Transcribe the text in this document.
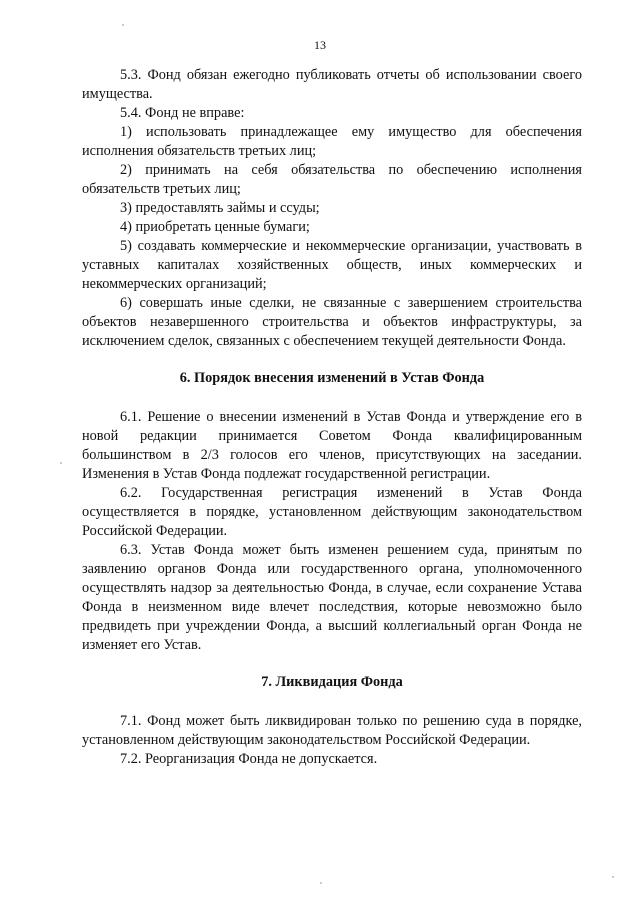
13

5.3. Фонд обязан ежегодно публиковать отчеты об использовании своего имущества.

5.4. Фонд не вправе:

1) использовать принадлежащее ему имущество для обеспечения исполнения обязательств третьих лиц;

2) принимать на себя обязательства по обеспечению исполнения обязательств третьих лиц;

3) предоставлять займы и ссуды;

4) приобретать ценные бумаги;

5) создавать коммерческие и некоммерческие организации, участвовать в уставных капиталах хозяйственных обществ, иных коммерческих и некоммерческих организаций;

6) совершать иные сделки, не связанные с завершением строительства объектов незавершенного строительства и объектов инфраструктуры, за исключением сделок, связанных с обеспечением текущей деятельности Фонда.

6. Порядок внесения изменений в Устав Фонда

6.1. Решение о внесении изменений в Устав Фонда и утверждение его в новой редакции принимается Советом Фонда квалифицированным большинством в 2/3 голосов его членов, присутствующих на заседании. Изменения в Устав Фонда подлежат государственной регистрации.

6.2. Государственная регистрация изменений в Устав Фонда осуществляется в порядке, установленном действующим законодательством Российской Федерации.

6.3. Устав Фонда может быть изменен решением суда, принятым по заявлению органов Фонда или государственного органа, уполномоченного осуществлять надзор за деятельностью Фонда, в случае, если сохранение Устава Фонда в неизменном виде влечет последствия, которые невозможно было предвидеть при учреждении Фонда, а высший коллегиальный орган Фонда не изменяет его Устав.

7. Ликвидация Фонда

7.1. Фонд может быть ликвидирован только по решению суда в порядке, установленном действующим законодательством Российской Федерации.

7.2. Реорганизация Фонда не допускается.
